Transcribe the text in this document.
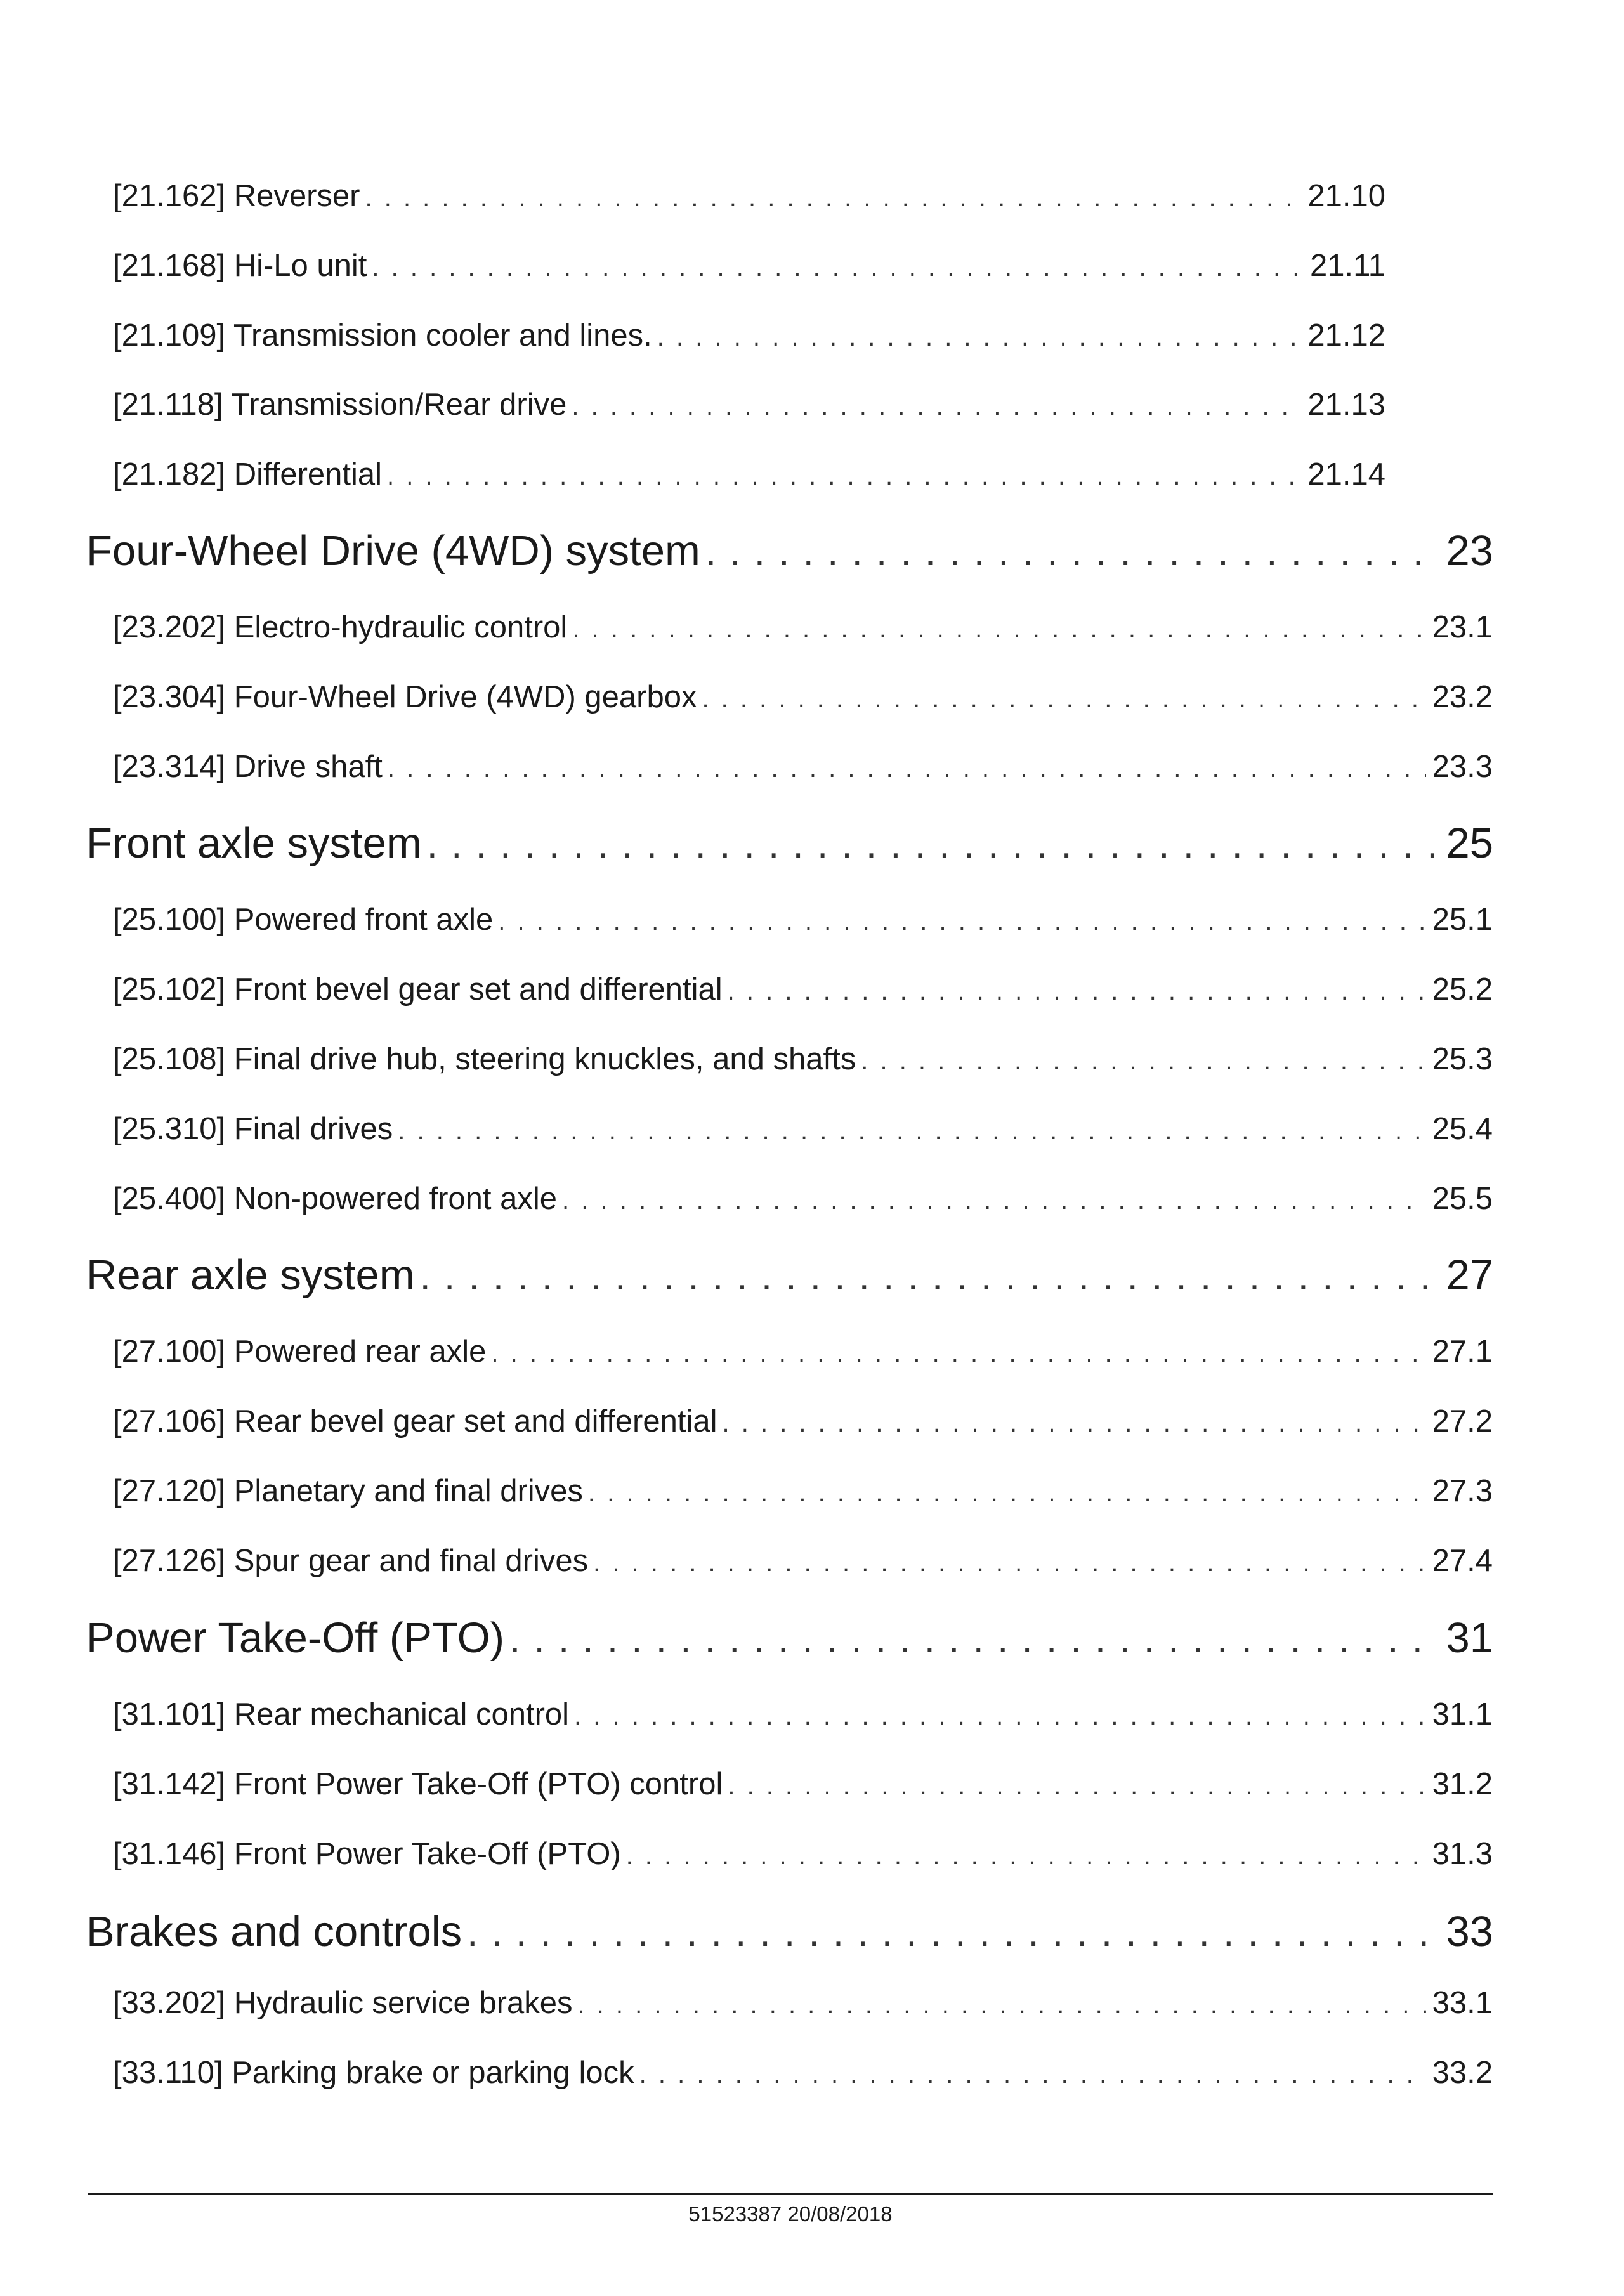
[21.162] Reverser . . .	21.10
[21.168] Hi-Lo unit . . .	21.11
[21.109] Transmission cooler and lines. . . .	21.12
[21.118] Transmission/Rear drive . . .	21.13
[21.182] Differential . . .	21.14
Four-Wheel Drive (4WD) system . . .	23
[23.202] Electro-hydraulic control . . .	23.1
[23.304] Four-Wheel Drive (4WD) gearbox . . .	23.2
[23.314] Drive shaft . . .	23.3
Front axle system . . .	25
[25.100] Powered front axle . . .	25.1
[25.102] Front bevel gear set and differential . . .	25.2
[25.108] Final drive hub, steering knuckles, and shafts . . .	25.3
[25.310] Final drives . . .	25.4
[25.400] Non-powered front axle . . .	25.5
Rear axle system . . .	27
[27.100] Powered rear axle . . .	27.1
[27.106] Rear bevel gear set and differential . . .	27.2
[27.120] Planetary and final drives . . .	27.3
[27.126] Spur gear and final drives . . .	27.4
Power Take-Off (PTO) . . .	31
[31.101] Rear mechanical control . . .	31.1
[31.142] Front Power Take-Off (PTO) control . . .	31.2
[31.146] Front Power Take-Off (PTO) . . .	31.3
Brakes and controls . . .	33
[33.202] Hydraulic service brakes . . .	33.1
[33.110] Parking brake or parking lock . . .	33.2
51523387 20/08/2018
